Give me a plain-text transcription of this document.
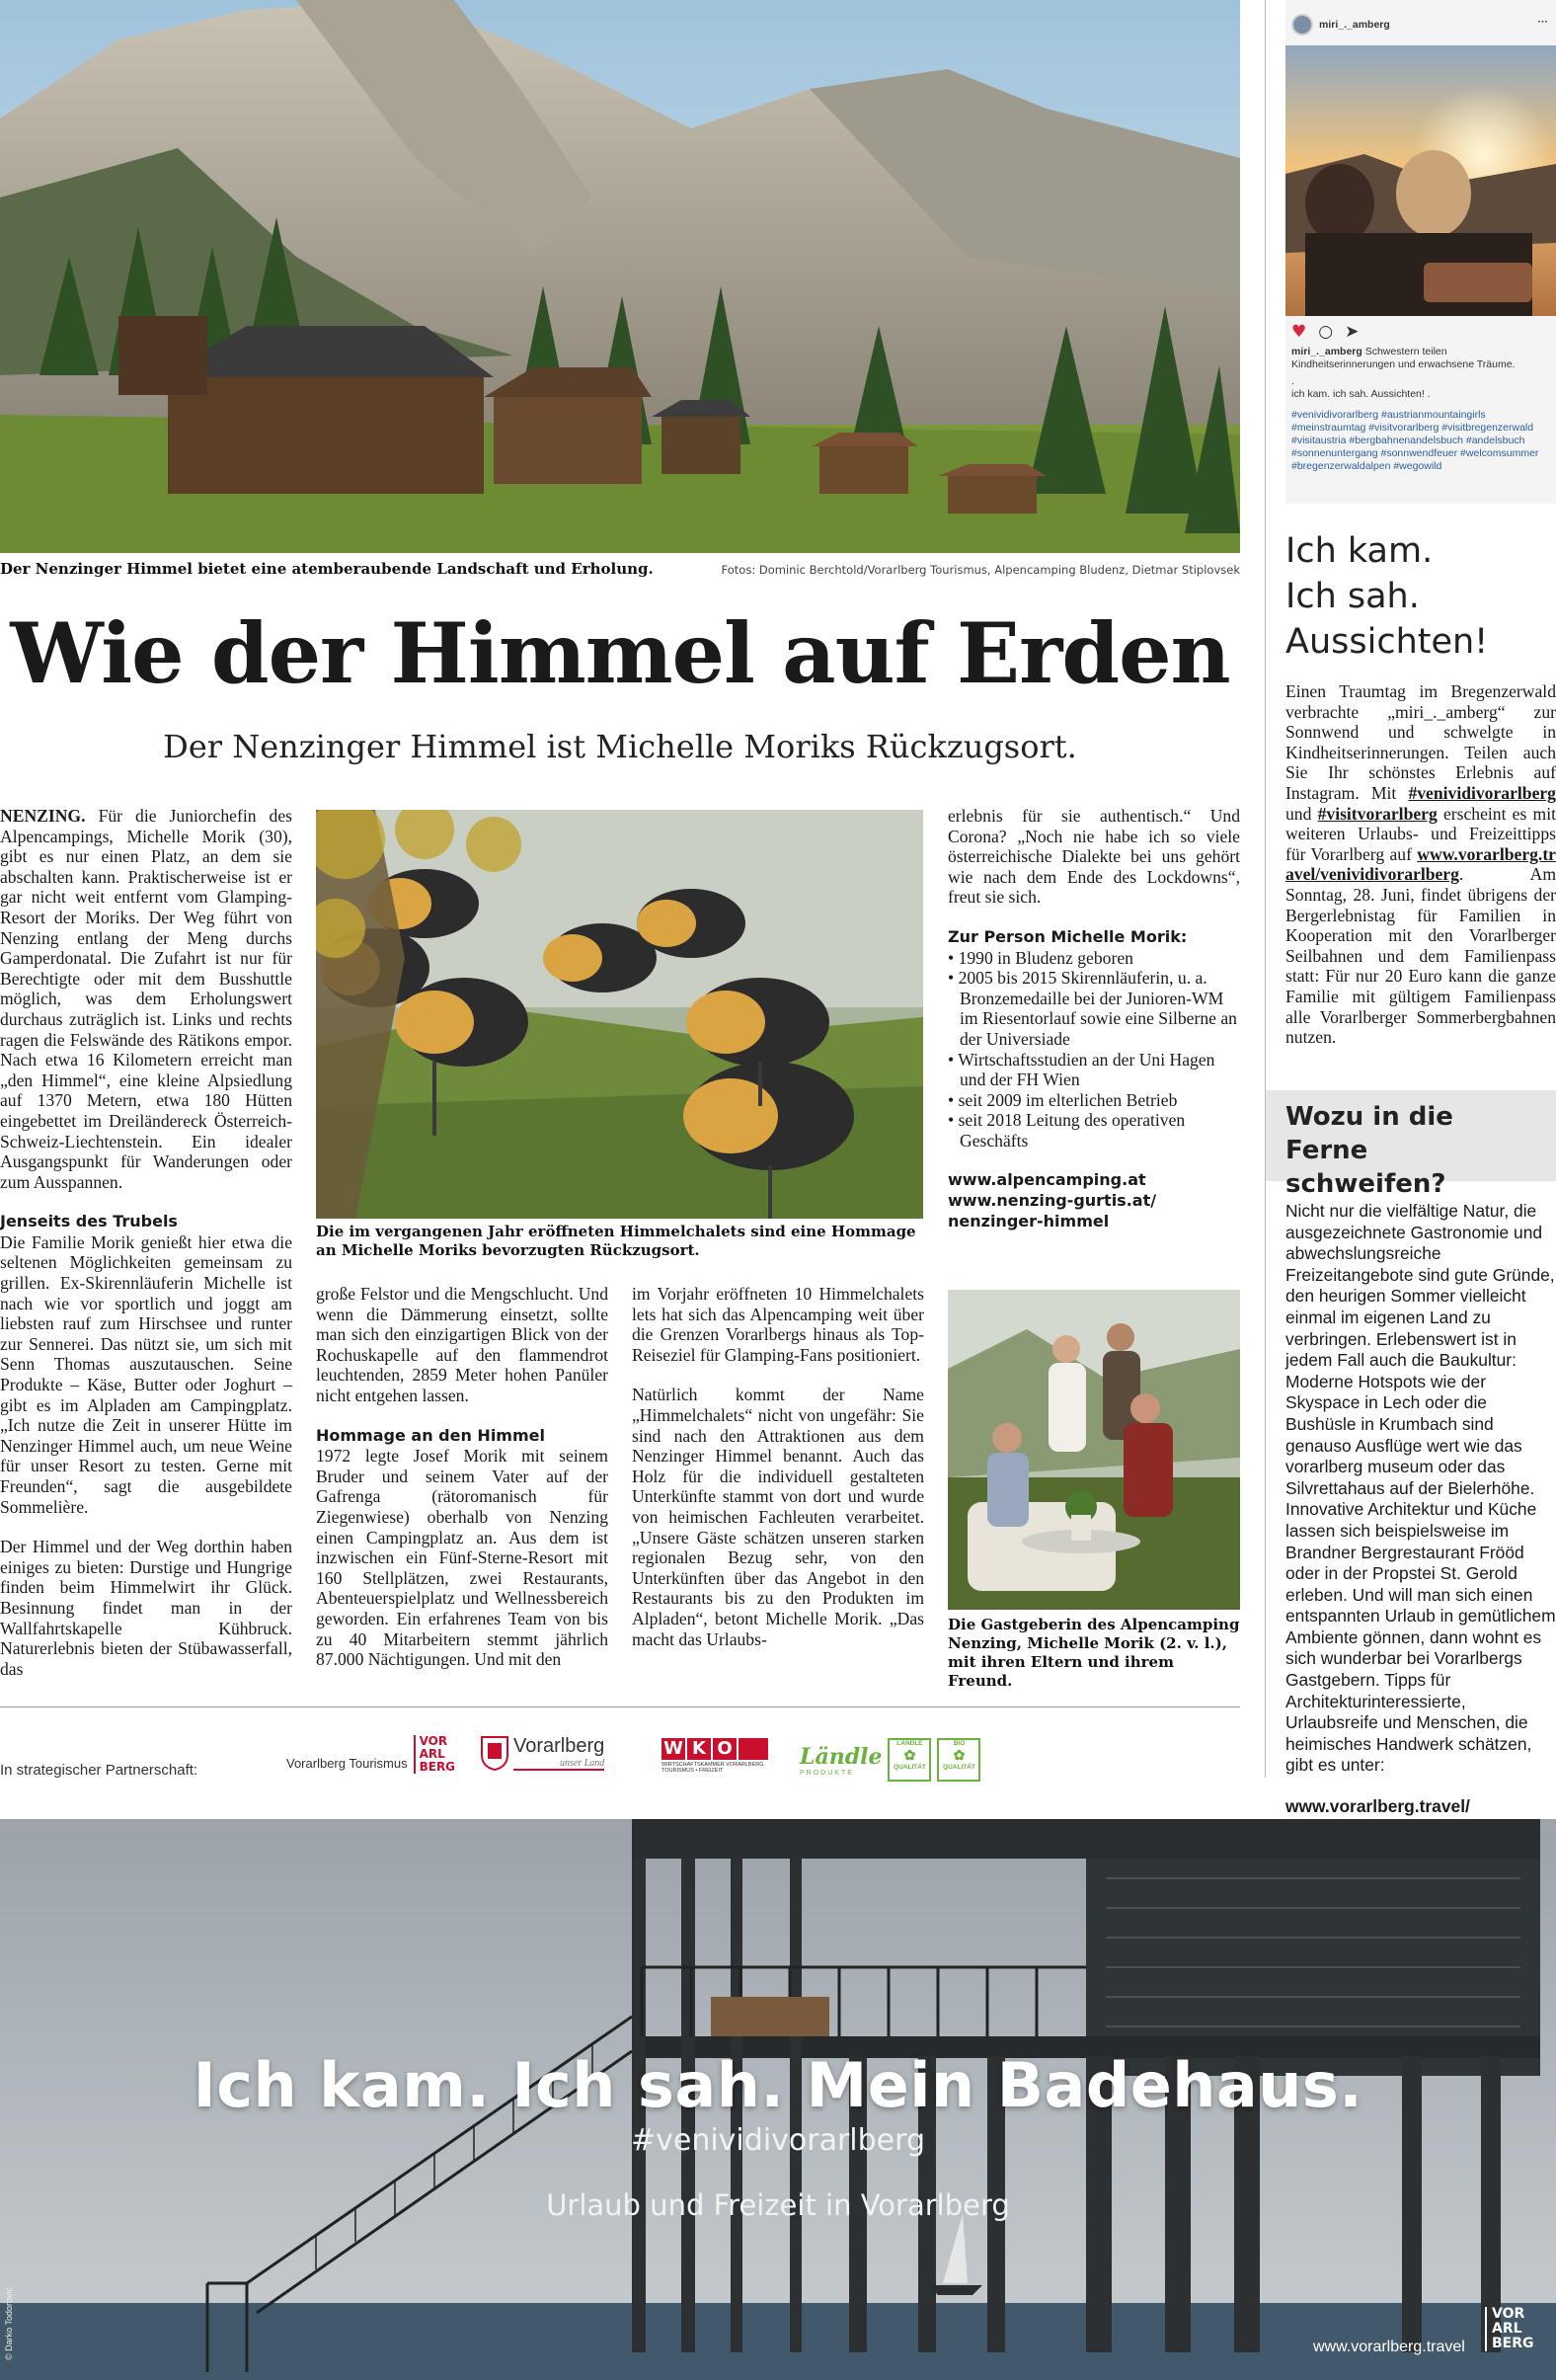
Der Nenzinger Himmel bietet eine atemberaubende Landschaft und Erholung.	Fotos: Dominic Berchtold/Vorarlberg Tourismus, Alpencamping Bludenz, Dietmar Stiplovsek
Wie der Himmel auf Erden
Der Nenzinger Himmel ist Michelle Moriks Rückzugsort.

NENZING. Für die Juniorchefin des Alpencampings, Michelle Morik (30), gibt es nur einen Platz, an dem sie abschalten kann. Praktischerweise ist er gar nicht weit entfernt vom Glamping-Resort der Moriks. Der Weg führt von Nenzing entlang der Meng durchs Gamperdonatal. Die Zufahrt ist nur für Berechtigte oder mit dem Busshuttle möglich, was dem Erholungswert durchaus zuträglich ist. Links und rechts ragen die Felswände des Rätikons empor. Nach etwa 16 Kilometern erreicht man „den Himmel“, eine kleine Alpsiedlung auf 1370 Metern, etwa 180 Hütten eingebettet im Dreiländereck Österreich-Schweiz-Liechtenstein. Ein idealer Ausgangspunkt für Wanderungen oder zum Ausspannen.

Jenseits des Trubels
Die Familie Morik genießt hier etwa die seltenen Möglichkeiten gemeinsam zu grillen. Ex-Skirennläuferin Michelle ist nach wie vor sportlich und joggt am liebsten rauf zum Hirschsee und runter zur Sennerei. Das nützt sie, um sich mit Senn Thomas auszutauschen. Seine Produkte – Käse, Butter oder Joghurt – gibt es im Alpladen am Campingplatz. „Ich nutze die Zeit in unserer Hütte im Nenzinger Himmel auch, um neue Weine für unser Resort zu testen. Gerne mit Freunden“, sagt die ausgebildete Sommelière.

Der Himmel und der Weg dorthin haben einiges zu bieten: Durstige und Hungrige finden beim Himmelwirt ihr Glück. Besinnung findet man in der Wallfahrtskapelle Kühbruck. Naturerlebnis bieten der Stübawasserfall, das

Die im vergangenen Jahr eröffneten Himmelchalets sind eine Hommage an Michelle Moriks bevorzugten Rückzugsort.

große Felstor und die Mengschlucht. Und wenn die Dämmerung einsetzt, sollte man sich den einzigartigen Blick von der Rochuskapelle auf den flammendrot leuchtenden, 2859 Meter hohen Panüler nicht entgehen lassen.

Hommage an den Himmel
1972 legte Josef Morik mit seinem Bruder und seinem Vater auf der Gafrenga (rätoromanisch für Ziegenwiese) oberhalb von Nenzing einen Campingplatz an. Aus dem ist inzwischen ein Fünf-Sterne-Resort mit 160 Stellplätzen, zwei Restaurants, Abenteuerspielplatz und Wellnessbereich geworden. Ein erfahrenes Team von bis zu 40 Mitarbeitern stemmt jährlich 87.000 Nächtigungen. Und mit den

im Vorjahr eröffneten 10 Himmelchalets lets hat sich das Alpencamping weit über die Grenzen Vorarlbergs hinaus als Top-Reiseziel für Glamping-Fans positioniert.

Natürlich kommt der Name „Himmelchalets“ nicht von ungefähr: Sie sind nach den Attraktionen aus dem Nenzinger Himmel benannt. Auch das Holz für die individuell gestalteten Unterkünfte stammt von dort und wurde von heimischen Fachleuten verarbeitet. „Unsere Gäste schätzen unseren starken regionalen Bezug sehr, von den Unterkünften über das Angebot in den Restaurants bis zu den Produkten im Alpladen“, betont Michelle Morik. „Das macht das Urlaubs-

erlebnis für sie authentisch.“ Und Corona? „Noch nie habe ich so viele österreichische Dialekte bei uns gehört wie nach dem Ende des Lockdowns“, freut sie sich.

Zur Person Michelle Morik:
• 1990 in Bludenz geboren
• 2005 bis 2015 Skirennläuferin, u. a. Bronzemedaille bei der Junioren-WM im Riesentorlauf sowie eine Silberne an der Universiade
• Wirtschaftsstudien an der Uni Hagen und der FH Wien
• seit 2009 im elterlichen Betrieb
• seit 2018 Leitung des operativen Geschäfts
www.alpencamping.at
www.nenzing-gurtis.at/
nenzinger-himmel
Die Gastgeberin des Alpencamping Nenzing, Michelle Morik (2. v. l.), mit ihren Eltern und ihrem Freund.
miri_._amberg	···
♥ ○ ➤
miri_._amberg Schwestern teilen Kindheitserinnerungen und erwachsene Träume.
.
ich kam. ich sah. Aussichten! .
#venividivorarlberg #austrianmountaingirls #meinstraumtag #visitvorarlberg #visitbregenzerwald #visitaustria #bergbahnenandelsbuch #andelsbuch #sonnenuntergang #sonnwendfeuer #welcomsummer #bregenzerwaldalpen #wegowild
Ich kam.
Ich sah.
Aussichten!
Einen Traumtag im Bregenzerwald verbrachte „miri_._amberg“ zur Sonnwend und schwelgte in Kindheitserinnerungen. Teilen auch Sie Ihr schönstes Erlebnis auf Instagram. Mit #venividivorarlberg und #visitvorarlberg erscheint es mit weiteren Urlaubs- und Freizeittipps für Vorarlberg auf www.vorarlberg.travel/venividivorarlberg. Am Sonntag, 28. Juni, findet übrigens der Bergerlebnistag für Familien in Kooperation mit den Vorarlberger Seilbahnen und dem Familienpass statt: Für nur 20 Euro kann die ganze Familie mit gültigem Familienpass alle Vorarlberger Sommerbergbahnen nutzen.
Wozu in die Ferne schweifen?
Nicht nur die vielfältige Natur, die ausgezeichnete Gastronomie und abwechslungsreiche Freizeitangebote sind gute Gründe, den heurigen Sommer vielleicht einmal im eigenen Land zu verbringen. Erlebenswert ist in jedem Fall auch die Baukultur: Moderne Hotspots wie der Skyspace in Lech oder die Bushüsle in Krumbach sind genauso Ausflüge wert wie das vorarlberg museum oder das Silvrettahaus auf der Bielerhöhe. Innovative Architektur und Küche lassen sich beispielsweise im Brandner Bergrestaurant Frööd oder in der Propstei St. Gerold erleben. Und will man sich einen entspannten Urlaub in gemütlichem Ambiente gönnen, dann wohnt es sich wunderbar bei Vorarlbergs Gastgebern. Tipps für Architekturinteressierte, Urlaubsreife und Menschen, die heimisches Handwerk schätzen, gibt es unter:
www.vorarlberg.travel/
In strategischer Partnerschaft:	Vorarlberg Tourismus
VOR
ARL
BERG
Vorarlberg
unser Land
W K O
WIRTSCHAFTSKAMMER VORARLBERG TOURISMUS • FREIZEIT
Ländle
PRODUKTE
LÄNDLE
✿
QUALITÄT
BIO
✿
QUALITÄT
Ich kam. Ich sah. Mein Badehaus.
#venividivorarlberg
Urlaub und Freizeit in Vorarlberg
© Darko Todorovic	www.vorarlberg.travel
VOR
ARL
BERG
